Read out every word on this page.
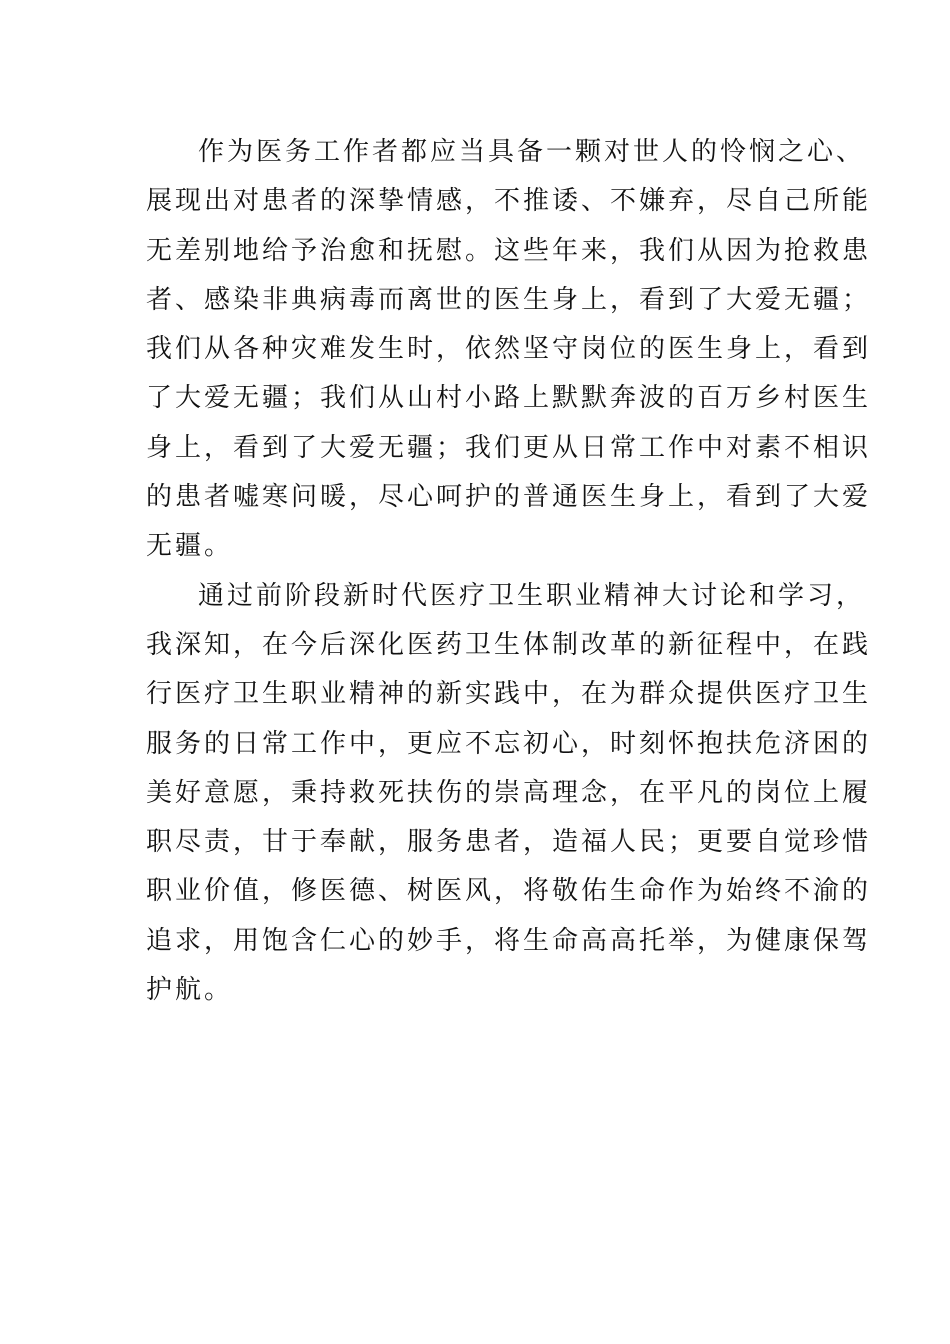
作为医务工作者都应当具备一颗对世人的怜悯之心、
展现出对患者的深挚情感，不推诿、不嫌弃，尽自己所能
无差别地给予治愈和抚慰。这些年来，我们从因为抢救患
者、感染非典病毒而离世的医生身上，看到了大爱无疆；
我们从各种灾难发生时，依然坚守岗位的医生身上，看到
了大爱无疆；我们从山村小路上默默奔波的百万乡村医生
身上，看到了大爱无疆；我们更从日常工作中对素不相识
的患者嘘寒问暖，尽心呵护的普通医生身上，看到了大爱
无疆。
通过前阶段新时代医疗卫生职业精神大讨论和学习，
我深知，在今后深化医药卫生体制改革的新征程中，在践
行医疗卫生职业精神的新实践中，在为群众提供医疗卫生
服务的日常工作中，更应不忘初心，时刻怀抱扶危济困的
美好意愿，秉持救死扶伤的崇高理念，在平凡的岗位上履
职尽责，甘于奉献，服务患者，造福人民；更要自觉珍惜
职业价值，修医德、树医风，将敬佑生命作为始终不渝的
追求，用饱含仁心的妙手，将生命高高托举，为健康保驾
护航。
